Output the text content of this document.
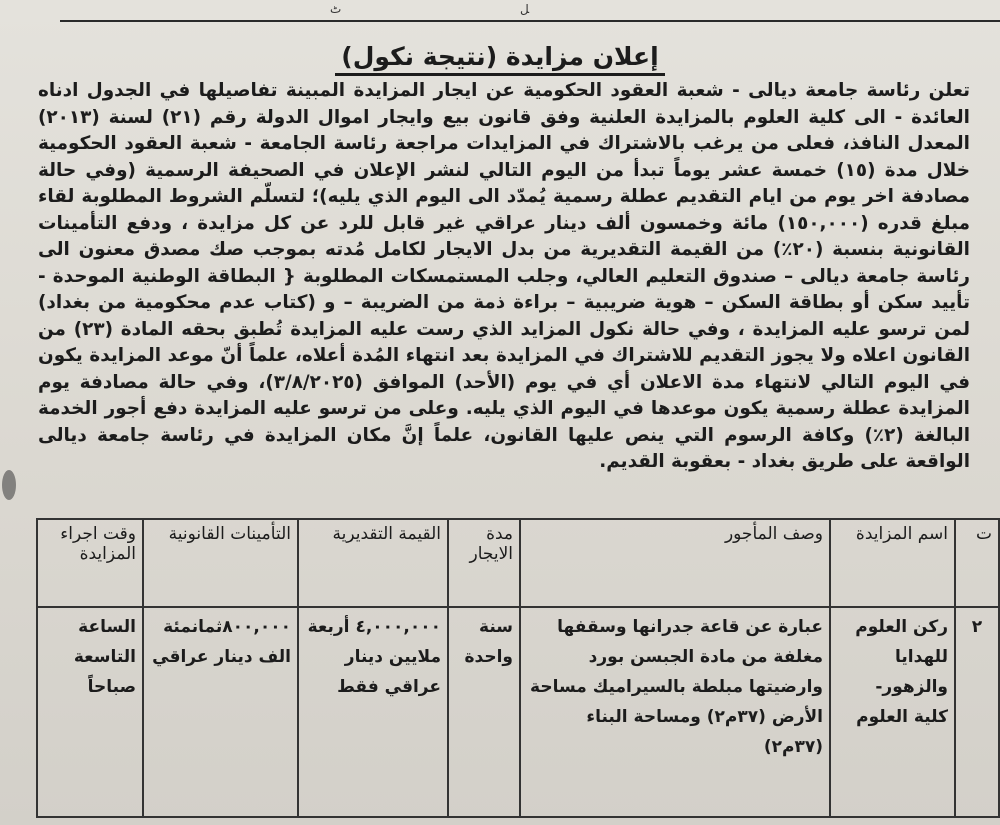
ٹ	ﻞ
إعلان مزايدة (نتيجة نكول)
تعلن رئاسة جامعة ديالى - شعبة العقود الحكومية عن ايجار المزايدة المبينة تفاصيلها في الجدول ادناه العائدة - الى كلية العلوم بالمزايدة العلنية وفق قانون بيع وايجار اموال الدولة رقم (٢١) لسنة (٢٠١٣) المعدل النافذ، فعلى من يرغب بالاشتراك في المزايدات مراجعة رئاسة الجامعة - شعبة العقود الحكومية خلال مدة (١٥) خمسة عشر يوماً تبدأ من اليوم التالي لنشر الإعلان في الصحيفة الرسمية (وفي حالة مصادفة اخر يوم من ايام التقديم عطلة رسمية يُمدّد الى اليوم الذي يليه)؛ لتسلّم الشروط المطلوبة لقاء مبلغ قدره (١٥٠,٠٠٠) مائة وخمسون ألف دينار عراقي غير قابل للرد عن كل مزايدة ، ودفع التأمينات القانونية بنسبة (٢٠٪) من القيمة التقديرية من بدل الايجار لكامل مُدته بموجب صك مصدق معنون الى رئاسة جامعة ديالى – صندوق التعليم العالي، وجلب المستمسكات المطلوبة { البطاقة الوطنية الموحدة - تأييد سكن أو بطاقة السكن – هوية ضريبية – براءة ذمة من الضريبة – و (كتاب عدم محكومية من بغداد) لمن ترسو عليه المزايدة ، وفي حالة نكول المزايد الذي رست عليه المزايدة تُطبق بحقه المادة (٢٣) من القانون اعلاه ولا يجوز التقديم للاشتراك في المزايدة بعد انتهاء المُدة أعلاه، علماً أنّ موعد المزايدة يكون في اليوم التالي لانتهاء مدة الاعلان أي في يوم (الأحد) الموافق (٣/٨/٢٠٢٥)، وفي حالة مصادفة يوم المزايدة عطلة رسمية يكون موعدها في اليوم الذي يليه. وعلى من ترسو عليه المزايدة دفع أجور الخدمة البالغة (٢٪) وكافة الرسوم التي ينص عليها القانون، علماً إنَّ مكان المزايدة في رئاسة جامعة ديالى الواقعة على طريق بغداد - بعقوبة القديم.
ت	اسم المزايدة	وصف المأجور	مدة الايجار	القيمة التقديرية	التأمينات القانونية	وقت اجراء المزايدة
٢	ركن العلوم للهدايا والزهور- كلية العلوم	عبارة عن قاعة جدرانها وسقفها مغلفة من مادة الجبسن بورد وارضيتها مبلطة بالسيراميك مساحة الأرض (٣٧م٢) ومساحة البناء (٣٧م٢)	سنة واحدة	٤,٠٠٠,٠٠٠ أربعة ملايين دينار عراقي فقط	٨٠٠,٠٠٠ثمانمئة الف دينار عراقي	الساعة التاسعة صباحاً
